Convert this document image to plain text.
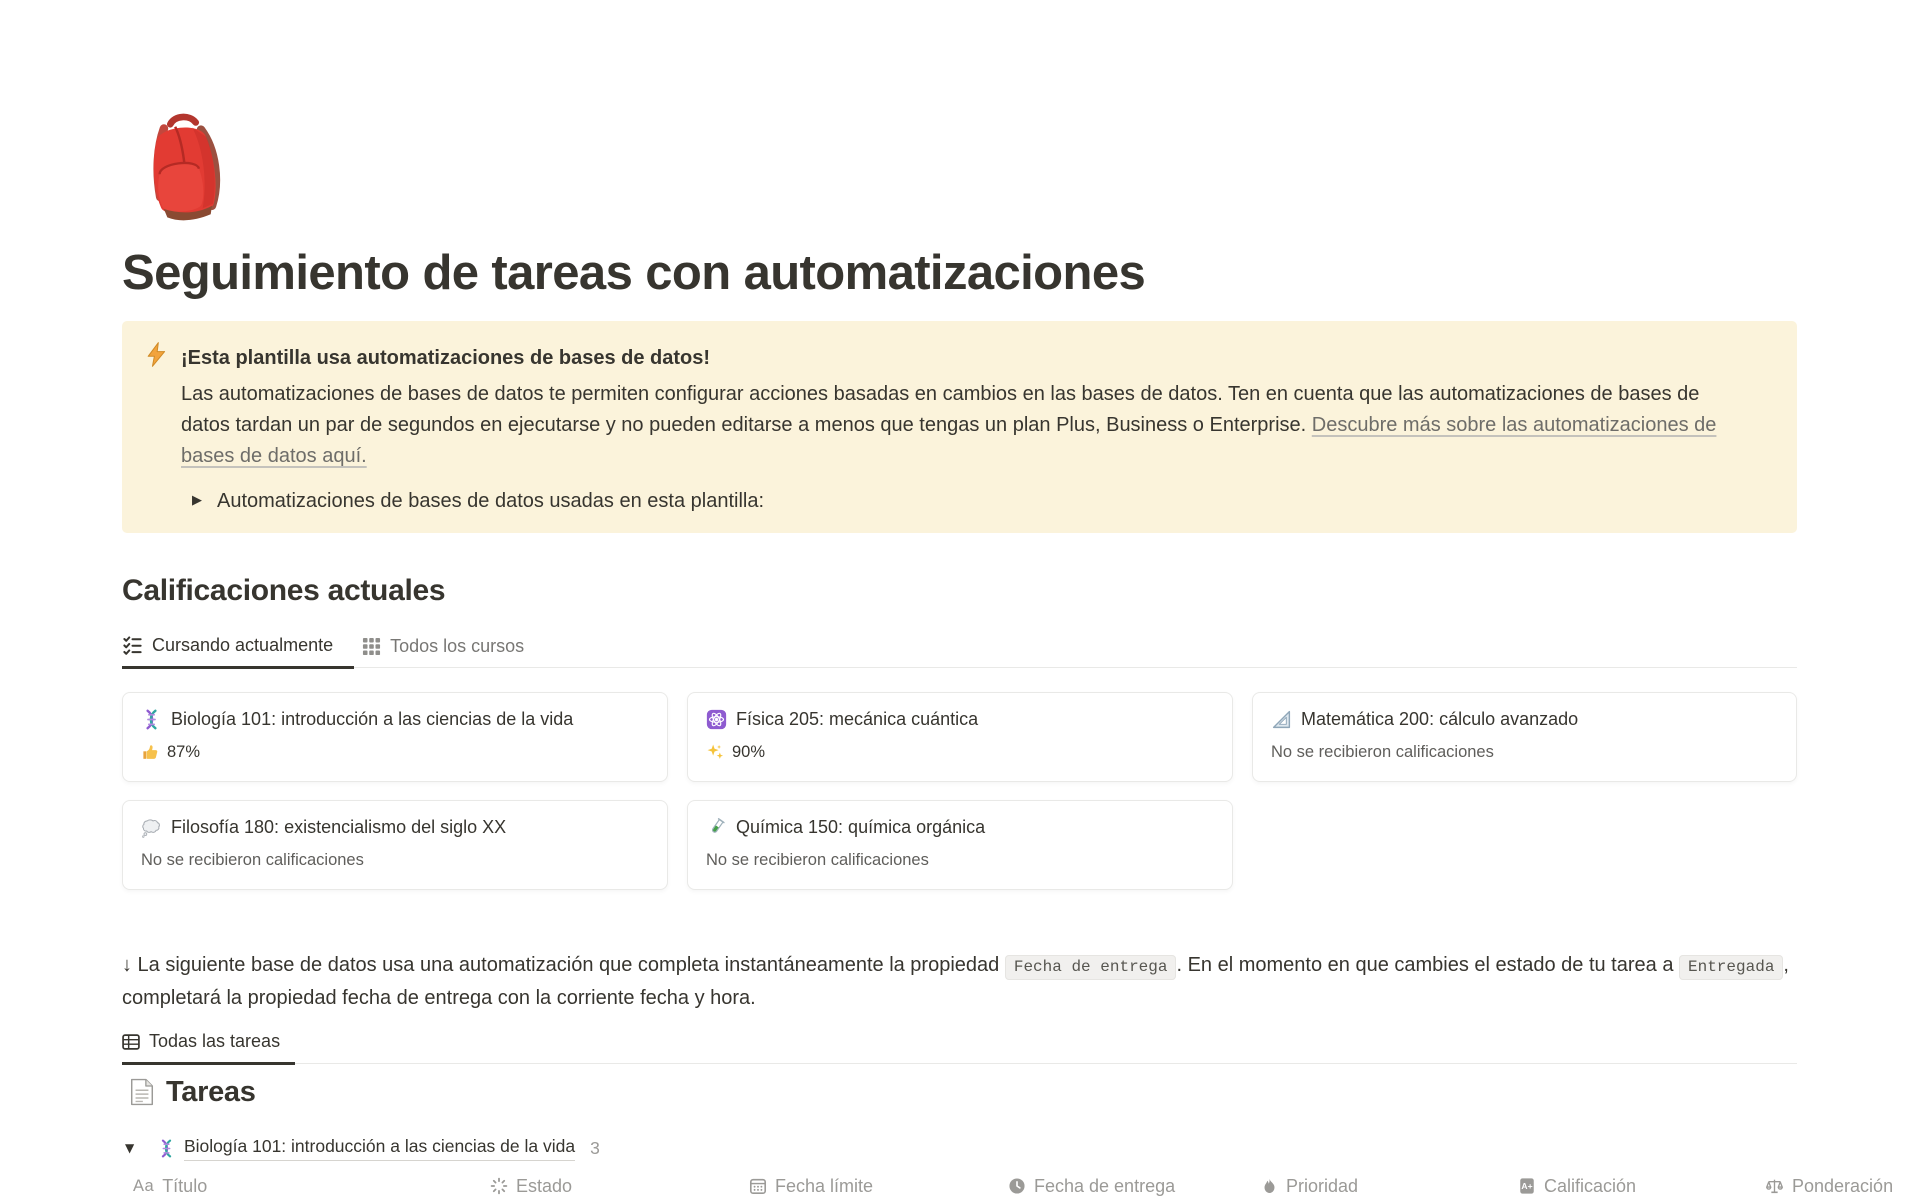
Seguimiento de tareas con automatizaciones
¡Esta plantilla usa automatizaciones de bases de datos!
Las automatizaciones de bases de datos te permiten configurar acciones basadas en cambios en las bases de datos. Ten en cuenta que las automatizaciones de bases de datos tardan un par de segundos en ejecutarse y no pueden editarse a menos que tengas un plan Plus, Business o Enterprise. Descubre más sobre las automatizaciones de bases de datos aquí.
▶ Automatizaciones de bases de datos usadas en esta plantilla:
Calificaciones actuales
Cursando actualmente	Todos los cursos
Biología 101: introducción a las ciencias de la vida
87%
Física 205: mecánica cuántica
90%
Matemática 200: cálculo avanzado
No se recibieron calificaciones
Filosofía 180: existencialismo del siglo XX
No se recibieron calificaciones
Química 150: química orgánica
No se recibieron calificaciones

↓ La siguiente base de datos usa una automatización que completa instantáneamente la propiedad Fecha de entrega . En el momento en que cambies el estado de tu tarea a Entregada , completará la propiedad fecha de entrega con la corriente fecha y hora.

Todas las tareas
Tareas
▼	Biología 101: introducción a las ciencias de la vida 3
Aa Título	Estado	Fecha límite	Fecha de entrega	Prioridad	A+ Calificación	Ponderación
